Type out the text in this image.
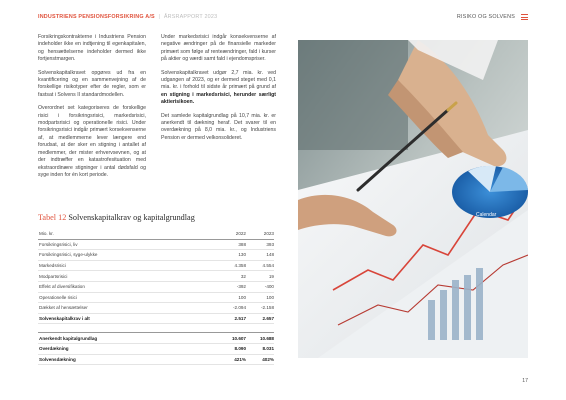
INDUSTRIENS PENSIONSFORSIKRING A/S | ÅRSRAPPORT 2023	RISIKO OG SOLVENS

Forsikringskontrakterne i Industriens Pension indeholder ikke en indtjening til egenkapitalen, og hensættelserne indeholder dermed ikke fortjenstmargen.

Solvenskapitalkravet opgøres ud fra en kvantificering og en sammenvejning af de forskellige risikotyper efter de regler, som er fastsat i Solvens II standardmodellen.

Overordnet set kategoriseres de forskellige risici i forsikringsrisici, markedsrisici, modpartsrisici og operationelle risici. Under forsikringsrisici indgår primært korsekvenserne af, at medlemmerne lever længere end forudsat, at der sker en stigning i antallet af medlemmer, der mister erhvervsevnen, og at der indtræffer en katastrofesituation med ekstraordinære stigninger i antal dødsfald og syge inden for én kort periode.

Under markedsrisici indgår konsekvenserne af negative ændringer på de finansielle markeder primært som følge af renteændringer, fald i kurser på aktier og værdi samt fald i ejendomspriser.

Solvenskapitalkravet udgør 2,7 mia. kr. ved udgangen af 2023, og er dermed steget med 0,1 mia. kr. i forhold til sidste år primært på grund af en stigning i markedsrisici, herunder særligt aktierisikoen.

Det samlede kapitalgrundlag på 10,7 mia. kr. er anerkendt til dækning heraf. Det svarer til en overdækning på 8,0 mia. kr., og Industriens Pension er dermed velkonsolideret.

Calendar
Tabel 12 Solvenskapitalkrav og kapitalgrundlag
Mio. kr.	2022	2023
Forsikringsrisici, liv	388	393
Forsikringsrisici, syge-ulykke	130	148
Markedsrisici	4.358	4.554
Modpartsrisici	32	19
Effekt af diversifikation	-392	-400
Operationelle risici	100	100
Dækket af hensættelser	-2.094	-2.158
Solvenskapitalkrav i alt	2.517	2.657
Anerkendt kapitalgrundlag	10.607	10.688
Overdækning	8.090	8.031
Solvensdækning	421%	402%
17
